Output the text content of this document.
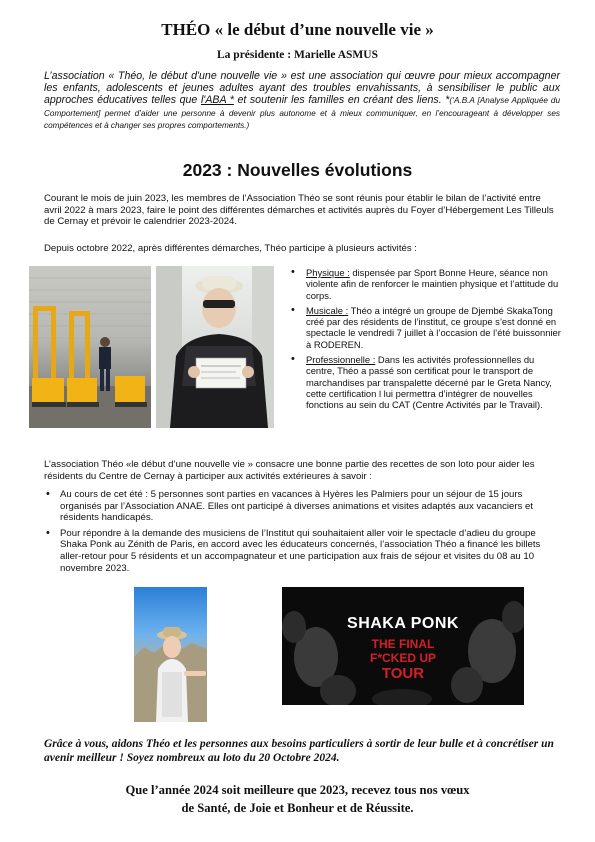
THÉO « le début d’une nouvelle vie »
La présidente : Marielle ASMUS
L’association « Théo, le début d'une nouvelle vie » est une association qui œuvre pour mieux accompagner les enfants, adolescents et jeunes adultes ayant des troubles envahissants, à sensibiliser le public aux approches éducatives telles que l'ABA * et soutenir les familles en créant des liens. *(‘A.B.A [Analyse Appliquée du Comportement] permet d’aider une personne à devenir plus autonome et à mieux communiquer, en l’encourageant à développer ses compétences et à changer ses propres comportements.)
2023 : Nouvelles évolutions

Courant le mois de juin 2023, les membres de l’Association Théo se sont réunis pour établir le bilan de l’activité entre avril 2022 à mars 2023, faire le point des différentes démarches et activités auprès du Foyer d’Hébergement Les Tilleuls de Cernay et prévoir le calendrier 2023-2024.

Depuis octobre 2022, après différentes démarches, Théo participe à plusieurs activités :

• Physique : dispensée par Sport Bonne Heure, séance non violente afin de renforcer le maintien physique et l’attitude du corps.
• Musicale : Théo a intégré un groupe de Djembé SkakaTong créé par des résidents de l’institut, ce groupe s’est donné en spectacle le vendredi 7 juillet à l’occasion de l’été buissonnier à RODEREN.
• Professionnelle : Dans les activités professionnelles du centre, Théo a passé son certificat pour le transport de marchandises par transpalette décerné par le Greta Nancy, cette certification l lui permettra d’intégrer de nouvelles fonctions au sein du CAT (Centre Activités par le Travail).

L’association Théo «le début d’une nouvelle vie » consacre une bonne partie des recettes de son loto pour aider les résidents du Centre de Cernay à participer aux activités extérieures à savoir :

• Au cours de cet été : 5 personnes sont parties en vacances à Hyères les Palmiers pour un séjour de 15 jours organisés par l’Association ANAE. Elles ont participé à diverses animations et visites adaptés aux vacanciers et résidents handicapés.
• Pour répondre à la demande des musiciens de l’Institut qui souhaitaient aller voir le spectacle d’adieu du groupe Shaka Ponk au Zénith de Paris, en accord avec les éducateurs concernés, l’association Théo a financé les billets aller-retour pour 5 résidents et un accompagnateur et une participation aux frais de séjour et visites du 08 au 10 novembre 2023.
SHAKA PONK
THE FINAL
F*CKED UP
TOUR

Grâce à vous, aidons Théo et les personnes aux besoins particuliers à sortir de leur bulle et à concrétiser un avenir meilleur ! Soyez nombreux au loto du 20 Octobre 2024.

Que l’année 2024 soit meilleure que 2023, recevez tous nos vœux
de Santé, de Joie et Bonheur et de Réussite.
